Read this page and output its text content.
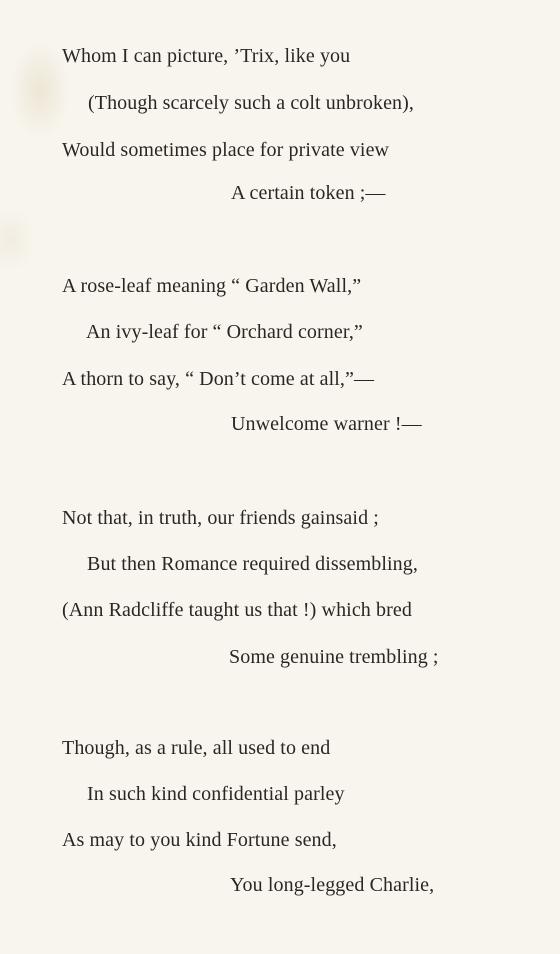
Whom I can picture, ’Trix, like you
(Though scarcely such a colt unbroken),
Would sometimes place for private view
A certain token ;—
A rose-leaf meaning “ Garden Wall,”
An ivy-leaf for “ Orchard corner,”
A thorn to say, “ Don’t come at all,”—
Unwelcome warner !—
Not that, in truth, our friends gainsaid ;
But then Romance required dissembling,
(Ann Radcliffe taught us that !) which bred
Some genuine trembling ;
Though, as a rule, all used to end
In such kind confidential parley
As may to you kind Fortune send,
You long-legged Charlie,
